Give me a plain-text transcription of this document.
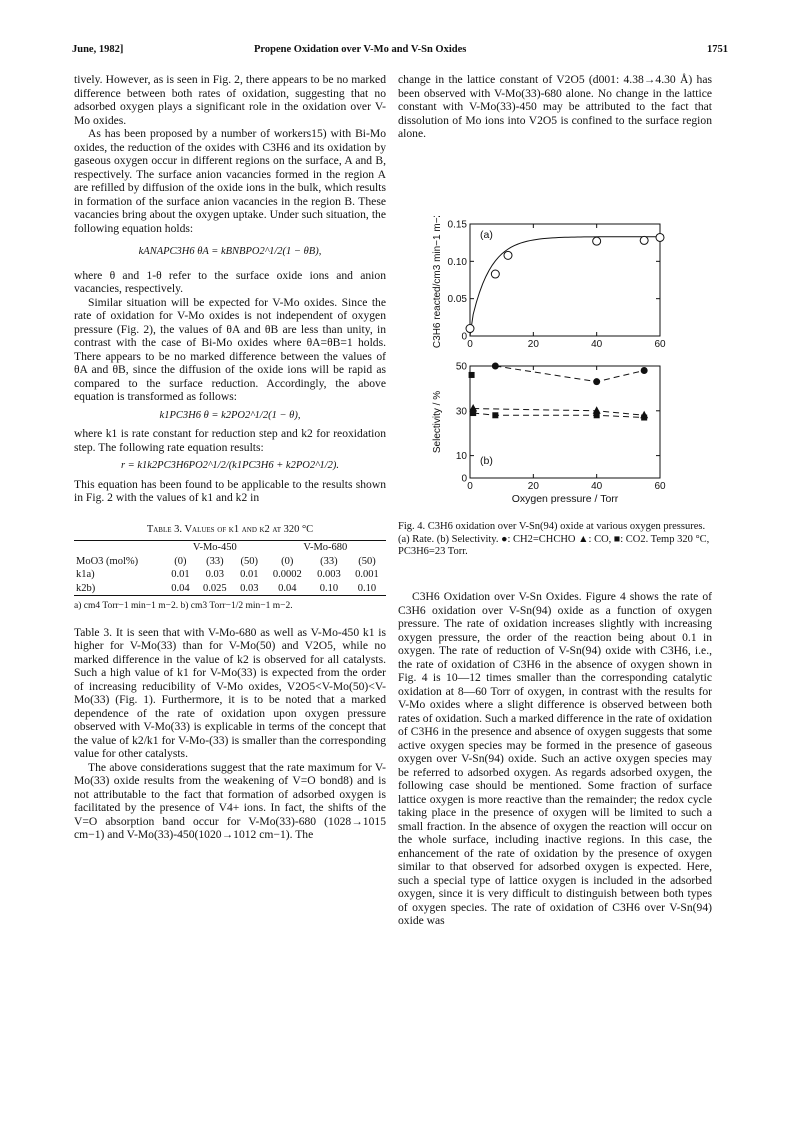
June, 1982]	Propene Oxidation over V-Mo and V-Sn Oxides	1751

tively. However, as is seen in Fig. 2, there appears to be no marked difference between both rates of oxidation, suggesting that no adsorbed oxygen plays a significant role in the oxidation over V-Mo oxides.

As has been proposed by a number of workers15) with Bi-Mo oxides, the reduction of the oxides with C3H6 and its oxidation by gaseous oxygen occur in different regions on the surface, A and B, respectively. The surface anion vacancies formed in the region A are refilled by diffusion of the oxide ions in the bulk, which results in formation of the surface anion vacancies in the region B. These vacancies bring about the oxygen uptake. Under such situation, the following equation holds:

kANAPC3H6 θA = kBNBPO2^1/2(1 − θB),

where θ and 1-θ refer to the surface oxide ions and anion vacancies, respectively.

Similar situation will be expected for V-Mo oxides. Since the rate of oxidation for V-Mo oxides is not independent of oxygen pressure (Fig. 2), the values of θA and θB are less than unity, in contrast with the case of Bi-Mo oxides where θA=θB=1 holds. There appears to be no marked difference between the values of θA and θB, since the diffusion of the oxide ions will be rapid as compared to the surface reduction. Accordingly, the above equation is transformed as follows:

k1PC3H6 θ = k2PO2^1/2(1 − θ),

where k1 is rate constant for reduction step and k2 for reoxidation step. The following rate equation results:

r = k1k2PC3H6PO2^1/2/(k1PC3H6 + k2PO2^1/2).

This equation has been found to be applicable to the results shown in Fig. 2 with the values of k1 and k2 in

Table 3. Values of k1 and k2 at 320 °C
	V-Mo-450			V-Mo-680		
MoO3 (mol%)	(0)	(33)	(50)	(0)	(33)	(50)
k1a)	0.01	0.03	0.01	0.0002	0.003	0.001
k2b)	0.04	0.025	0.03	0.04	0.10	0.10
a) cm4 Torr−1 min−1 m−2. b) cm3 Torr−1/2 min−1 m−2.

Table 3. It is seen that with V-Mo-680 as well as V-Mo-450 k1 is higher for V-Mo(33) than for V-Mo(50) and V2O5, while no marked difference in the value of k2 is observed for all catalysts. Such a high value of k1 for V-Mo(33) is expected from the order of increasing reducibility of V-Mo oxides, V2O5<V-Mo(50)<V-Mo(33) (Fig. 1). Furthermore, it is to be noted that a marked dependence of the rate of oxidation upon oxygen pressure observed with V-Mo(33) is explicable in terms of the concept that the value of k2/k1 for V-Mo-(33) is smaller than the corresponding value for other catalysts.

The above considerations suggest that the rate maximum for V-Mo(33) oxide results from the weakening of V=O bond8) and is not attributable to the fact that formation of adsorbed oxygen is facilitated by the presence of V4+ ions. In fact, the shifts of the V=O absorption band occur for V-Mo(33)-680 (1028→1015 cm−1) and V-Mo(33)-450(1020→1012 cm−1). The

change in the lattice constant of V2O5 (d001: 4.38→4.30 Å) has been observed with V-Mo(33)-680 alone. No change in the lattice constant with V-Mo(33)-450 may be attributed to the fact that dissolution of Mo ions into V2O5 is confined to the surface region alone.

0	20	40	60
0
0.05
0.10
0.15
(a)
C3H6 reacted/cm3 min−1 m−2
0	20	40	60
0
10
30
50
(b)
Selectivity / %
Oxygen pressure / Torr

Fig. 4. C3H6 oxidation over V-Sn(94) oxide at various oxygen pressures.

(a) Rate. (b) Selectivity. ●: CH2=CHCHO ▲: CO, ■: CO2. Temp 320 °C, PC3H6=23 Torr.

C3H6 Oxidation over V-Sn Oxides. Figure 4 shows the rate of C3H6 oxidation over V-Sn(94) oxide as a function of oxygen pressure. The rate of oxidation increases slightly with increasing oxygen pressure, the order of the reaction being about 0.1 in oxygen. The rate of reduction of V-Sn(94) oxide with C3H6, i.e., the rate of oxidation of C3H6 in the absence of oxygen shown in Fig. 4 is 10—12 times smaller than the corresponding catalytic oxidation at 8—60 Torr of oxygen, in contrast with the results for V-Mo oxides where a slight difference is observed between both rates of oxidation. Such a marked difference in the rate of oxidation of C3H6 in the presence and absence of oxygen suggests that some active oxygen species may be formed in the presence of gaseous oxygen over V-Sn(94) oxide. Such an active oxygen species may be referred to adsorbed oxygen. As regards adsorbed oxygen, the following case should be mentioned. Some fraction of surface lattice oxygen is more reactive than the remainder; the redox cycle taking place in the presence of oxygen will be limited to such a small fraction. In the absence of oxygen the reaction will occur on the whole surface, including inactive regions. In this case, the enhancement of the rate of oxidation by the presence of oxygen similar to that observed for adsorbed oxygen is expected. Here, such a special type of lattice oxygen is included in the adsorbed oxygen, since it is very difficult to distinguish between both types of oxygen species. The rate of oxidation of C3H6 over V-Sn(94) oxide was
